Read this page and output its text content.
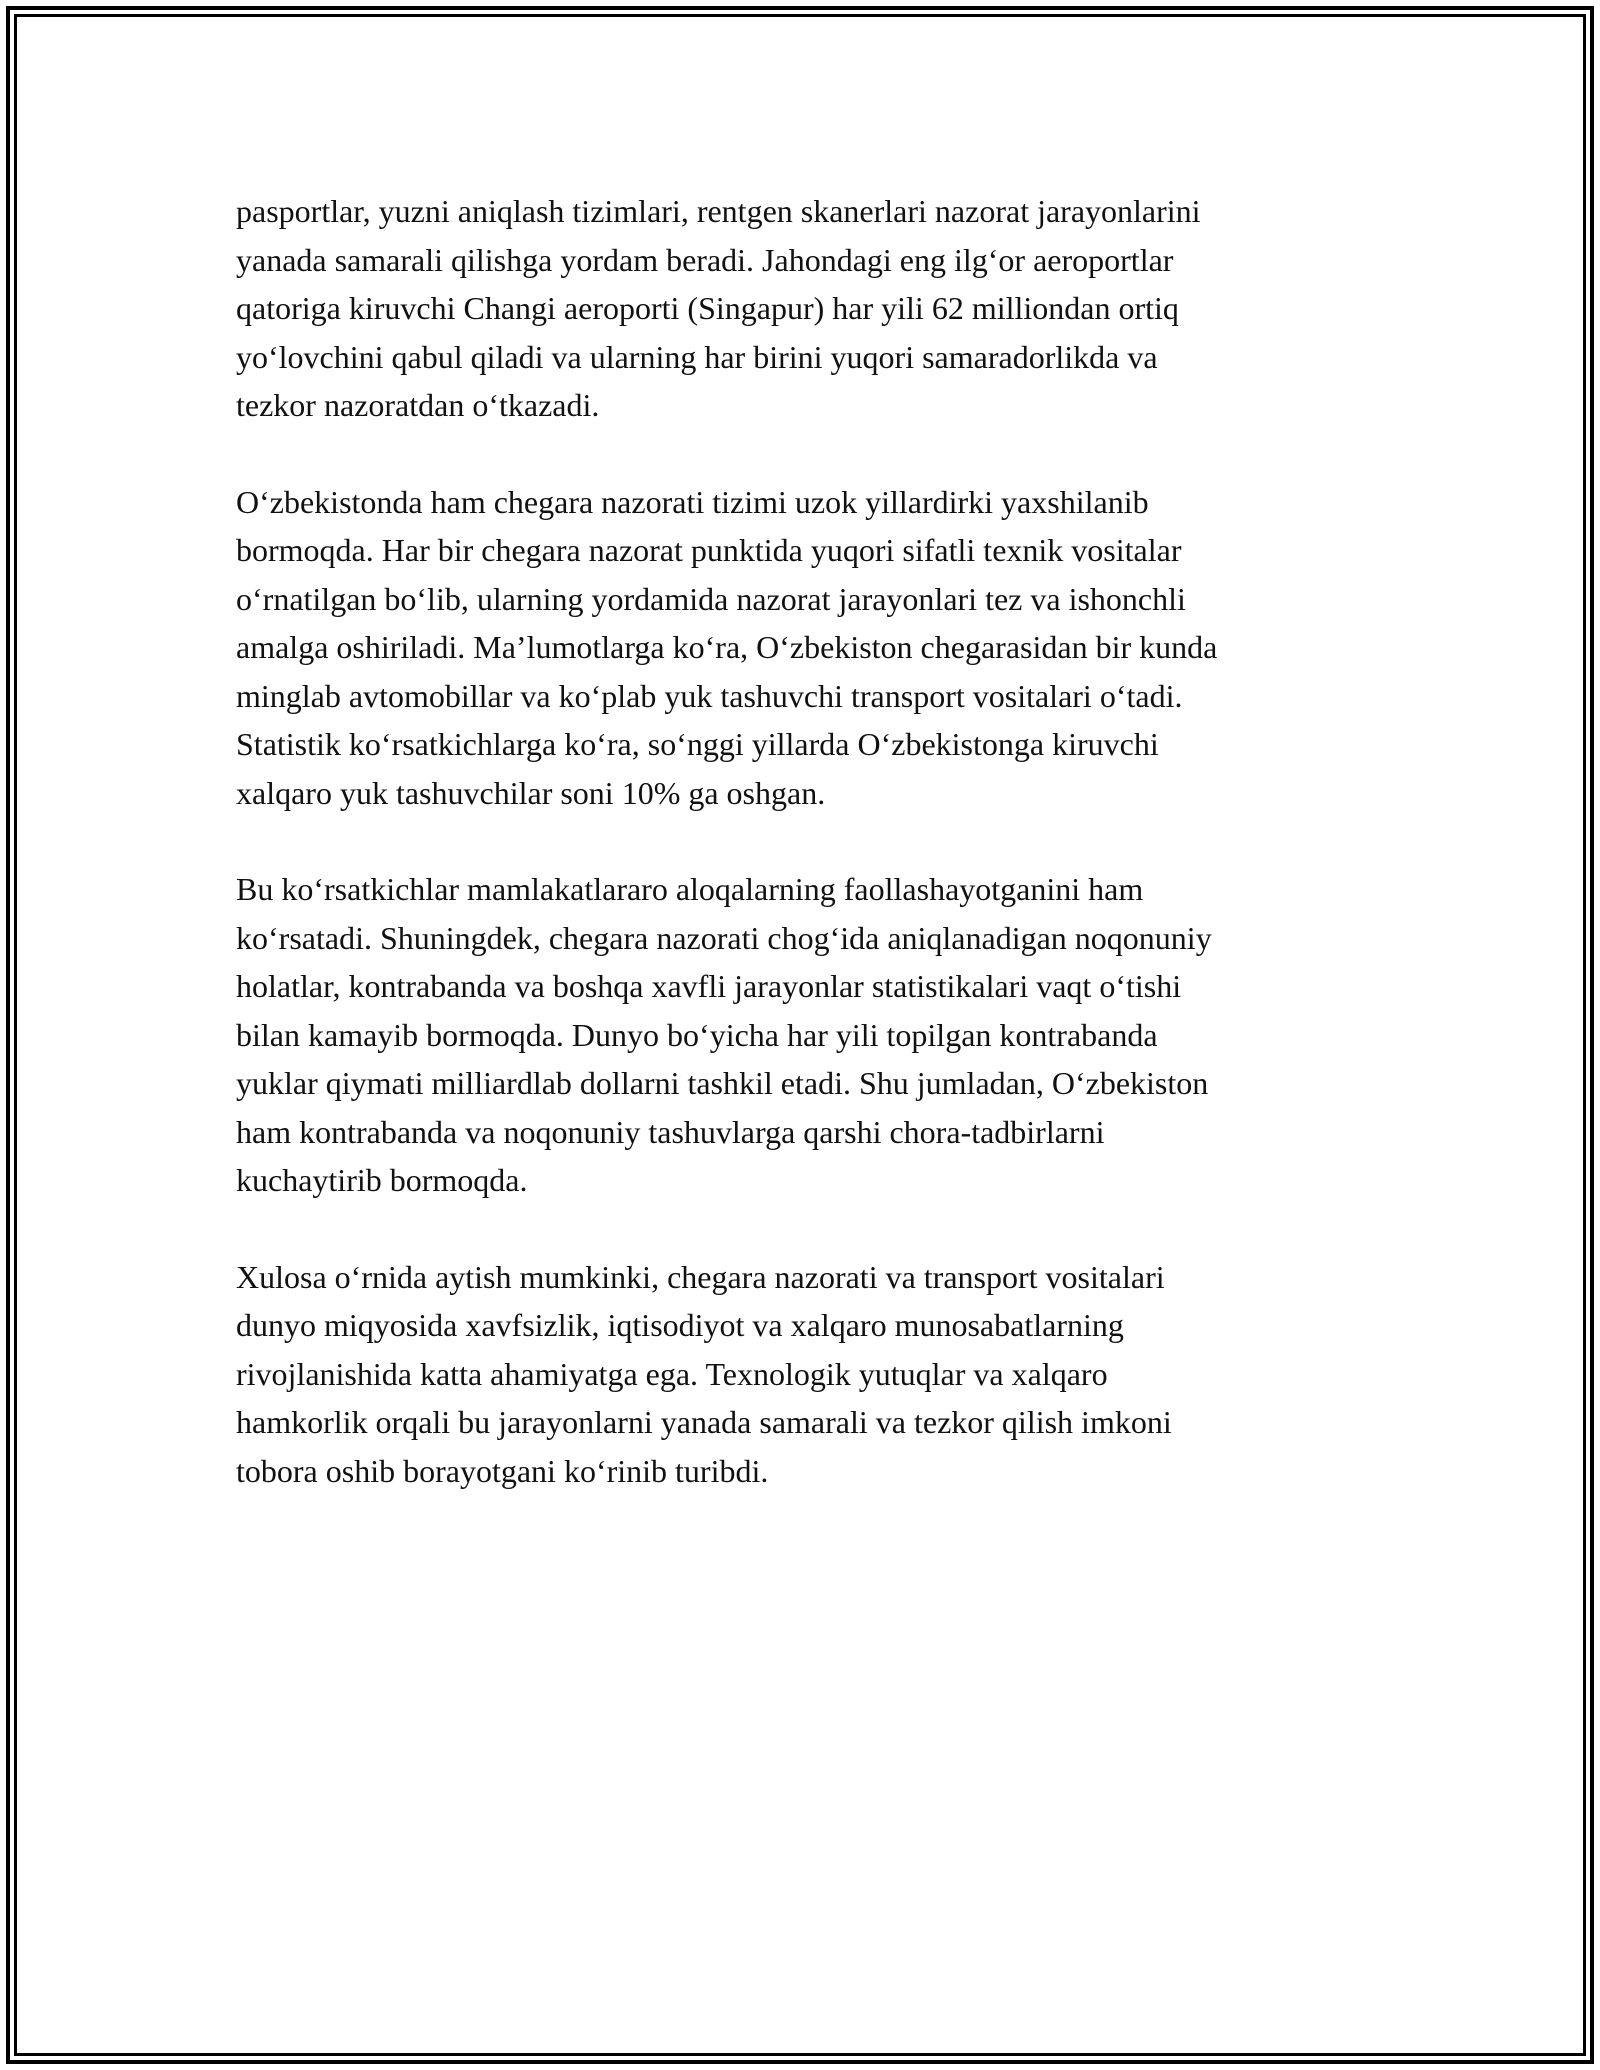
pasportlar, yuzni aniqlash tizimlari, rentgen skanerlari nazorat jarayonlarini
yanada samarali qilishga yordam beradi. Jahondagi eng ilg‘or aeroportlar
qatoriga kiruvchi Changi aeroporti (Singapur) har yili 62 milliondan ortiq
yo‘lovchini qabul qiladi va ularning har birini yuqori samaradorlikda va
tezkor nazoratdan o‘tkazadi.

O‘zbekistonda ham chegara nazorati tizimi uzok yillardirki yaxshilanib
bormoqda. Har bir chegara nazorat punktida yuqori sifatli texnik vositalar
o‘rnatilgan bo‘lib, ularning yordamida nazorat jarayonlari tez va ishonchli
amalga oshiriladi. Ma’lumotlarga ko‘ra, O‘zbekiston chegarasidan bir kunda
minglab avtomobillar va ko‘plab yuk tashuvchi transport vositalari o‘tadi.
Statistik ko‘rsatkichlarga ko‘ra, so‘nggi yillarda O‘zbekistonga kiruvchi
xalqaro yuk tashuvchilar soni 10% ga oshgan.

Bu ko‘rsatkichlar mamlakatlararo aloqalarning faollashayotganini ham
ko‘rsatadi. Shuningdek, chegara nazorati chog‘ida aniqlanadigan noqonuniy
holatlar, kontrabanda va boshqa xavfli jarayonlar statistikalari vaqt o‘tishi
bilan kamayib bormoqda. Dunyo bo‘yicha har yili topilgan kontrabanda
yuklar qiymati milliardlab dollarni tashkil etadi. Shu jumladan, O‘zbekiston
ham kontrabanda va noqonuniy tashuvlarga qarshi chora-tadbirlarni
kuchaytirib bormoqda.

Xulosa o‘rnida aytish mumkinki, chegara nazorati va transport vositalari
dunyo miqyosida xavfsizlik, iqtisodiyot va xalqaro munosabatlarning
rivojlanishida katta ahamiyatga ega. Texnologik yutuqlar va xalqaro
hamkorlik orqali bu jarayonlarni yanada samarali va tezkor qilish imkoni
tobora oshib borayotgani ko‘rinib turibdi.
